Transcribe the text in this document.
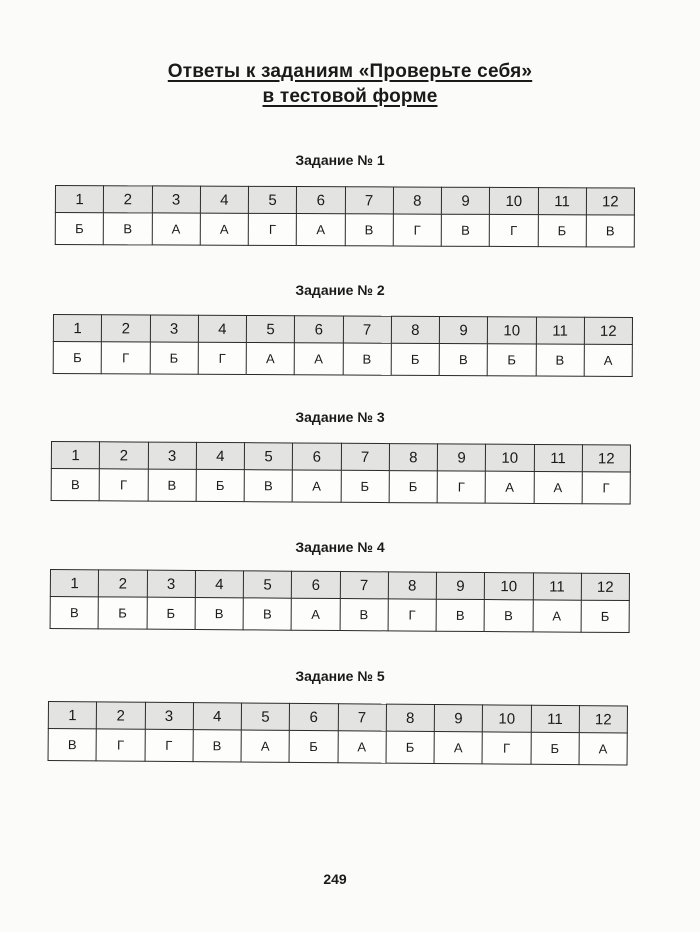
Ответы к заданиям «Проверьте себя»
в тестовой форме
Задание № 1
1	2	3	4	5	6	7	8	9	10	11	12
Б	В	А	А	Г	А	В	Г	В	Г	Б	В
Задание № 2
1	2	3	4	5	6	7	8	9	10	11	12
Б	Г	Б	Г	А	А	В	Б	В	Б	В	А
Задание № 3
1	2	3	4	5	6	7	8	9	10	11	12
В	Г	В	Б	В	А	Б	Б	Г	А	А	Г
Задание № 4
1	2	3	4	5	6	7	8	9	10	11	12
В	Б	Б	В	В	А	В	Г	В	В	А	Б
Задание № 5
1	2	3	4	5	6	7	8	9	10	11	12
В	Г	Г	В	А	Б	А	Б	А	Г	Б	А
249
